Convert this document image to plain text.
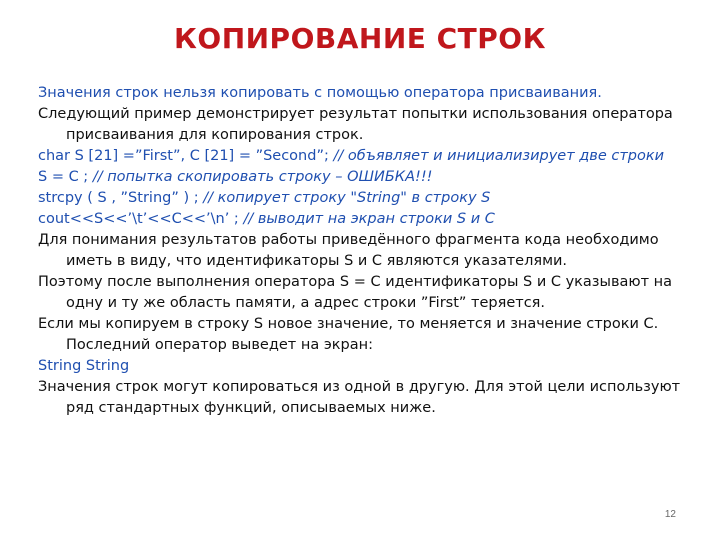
КОПИРОВАНИЕ СТРОК

Значения строк нельзя копировать с помощью оператора присваивания.

Следующий пример демонстрирует результат попытки использования оператора присваивания для копирования строк.

char S [21] =”First”, C [21] = ”Second”; // объявляет и инициализирует две строки

S = C ; // попытка скопировать строку – ОШИБКА!!!

strcpy ( S , ”String” ) ; // копирует строку "String" в строку S

cout<<S<<’\t’<<C<<’\n’ ; // выводит на экран строки S и C

Для понимания результатов работы приведённого фрагмента кода необходимо иметь в виду, что идентификаторы S и C являются указателями.

Поэтому после выполнения оператора S = C идентификаторы S и C указывают на одну и ту же область памяти, а адрес строки ”First” теряется.

Если мы копируем в строку S новое значение, то меняется и значение строки C. Последний оператор выведет на экран:

String String

Значения строк могут копироваться из одной в другую. Для этой цели используют ряд стандартных функций, описываемых ниже.

12
